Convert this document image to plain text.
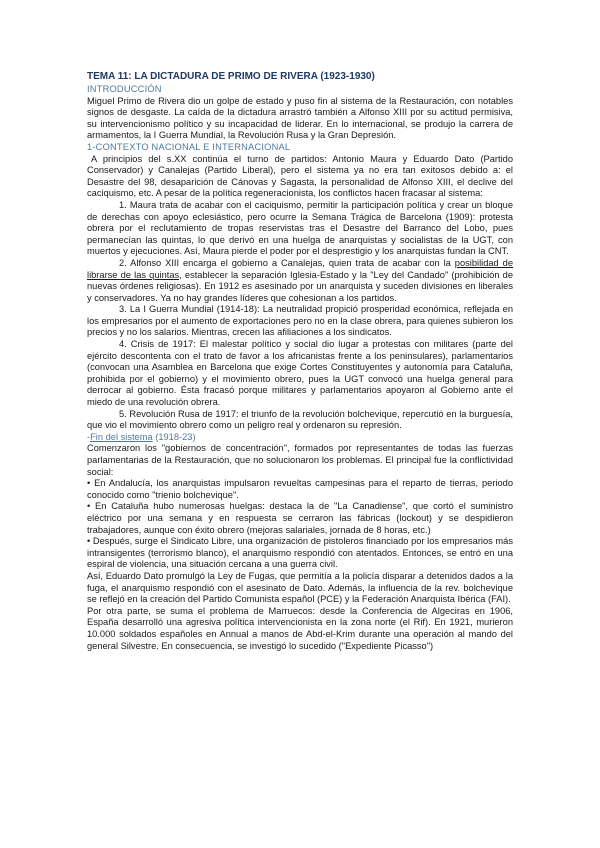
TEMA 11: LA DICTADURA DE PRIMO DE RIVERA (1923-1930)
INTRODUCCIÓN

Miguel Primo de Rivera dio un golpe de estado y puso fin al sistema de la Restauración, con notables signos de desgaste. La caída de la dictadura arrastró también a Alfonso XIII por su actitud permisiva, su intervencionismo político y su incapacidad de liderar. En lo internacional, se produjo la carrera de armamentos, la I Guerra Mundial, la Revolución Rusa y la Gran Depresión.

1-CONTEXTO NACIONAL E INTERNACIONAL

A principios del s.XX continúa el turno de partidos: Antonio Maura y Eduardo Dato (Partido Conservador) y Canalejas (Partido Liberal), pero el sistema ya no era tan exitosos debido a: el Desastre del 98, desaparición de Cánovas y Sagasta, la personalidad de Alfonso XIII, el declive del caciquismo, etc. A pesar de la política regeneracionista, los conflictos hacen fracasar al sistema:

1. Maura trata de acabar con el caciquismo, permitir la participación política y crear un bloque de derechas con apoyo eclesiástico, pero ocurre la Semana Trágica de Barcelona (1909): protesta obrera por el reclutamiento de tropas reservistas tras el Desastre del Barranco del Lobo, pues permanecían las quintas, lo que derivó en una huelga de anarquistas y socialistas de la UGT, con muertos y ejecuciones. Así, Maura pierde el poder por el desprestigio y los anarquistas fundan la CNT.

2. Alfonso XIII encarga el gobierno a Canalejas, quien trata de acabar con la posibilidad de librarse de las quintas, establecer la separación Iglesia-Estado y la "Ley del Candado" (prohibición de nuevas órdenes religiosas). En 1912 es asesinado por un anarquista y suceden divisiones en liberales y conservadores. Ya no hay grandes líderes que cohesionan a los partidos.

3. La I Guerra Mundial (1914-18): La neutralidad propició prosperidad económica, reflejada en los empresarios por el aumento de exportaciones pero no en la clase obrera, para quienes subieron los precios y no los salarios. Mientras, crecen las afiliaciones a los sindicatos.

4. Crisis de 1917: El malestar político y social dio lugar a protestas con militares (parte del ejército descontenta con el trato de favor a los africanistas frente a los peninsulares), parlamentarios (convocan una Asamblea en Barcelona que exige Cortes Constituyentes y autonomía para Cataluña, prohibida por el gobierno) y el movimiento obrero, pues la UGT convocó una huelga general para derrocar al gobierno. Ésta fracasó porque militares y parlamentarios apoyaron al Gobierno ante el miedo de una revolución obrera.

5. Revolución Rusa de 1917: el triunfo de la revolución bolchevique, repercutió en la burguesía, que vio el movimiento obrero como un peligro real y ordenaron su represión.

-Fin del sistema (1918-23)

Comenzaron los "gobiernos de concentración", formados por representantes de todas las fuerzas parlamentarias de la Restauración, que no solucionaron los problemas. El principal fue la conflictividad social:

• En Andalucía, los anarquistas impulsaron revueltas campesinas para el reparto de tierras, periodo conocido como "trienio bolchevique".

• En Cataluña hubo numerosas huelgas: destaca la de "La Canadiense", que cortó el suministro eléctrico por una semana y en respuesta se cerraron las fábricas (lockout) y se despidieron trabajadores, aunque con éxito obrero (mejoras salariales, jornada de 8 horas, etc.)

• Después, surge el Sindicato Libre, una organización de pistoleros financiado por los empresarios más intransigentes (terrorismo blanco), el anarquismo respondió con atentados. Entonces, se entró en una espiral de violencia, una situación cercana a una guerra civil.

Así, Eduardo Dato promulgó la Ley de Fugas, que permitía a la policía disparar a detenidos dados a la fuga, el anarquismo respondió con el asesinato de Dato. Además, la influencia de la rev. bolchevique se reflejó en la creación del Partido Comunista español (PCE) y la Federación Anarquista Ibérica (FAI).

Por otra parte, se suma el problema de Marruecos: desde la Conferencia de Algeciras en 1906, España desarrolló una agresiva política intervencionista en la zona norte (el Rif). En 1921, murieron 10.000 soldados españoles en Annual a manos de Abd-el-Krim durante una operación al mando del general Silvestre. En consecuencia, se investigó lo sucedido ("Expediente Picasso")
